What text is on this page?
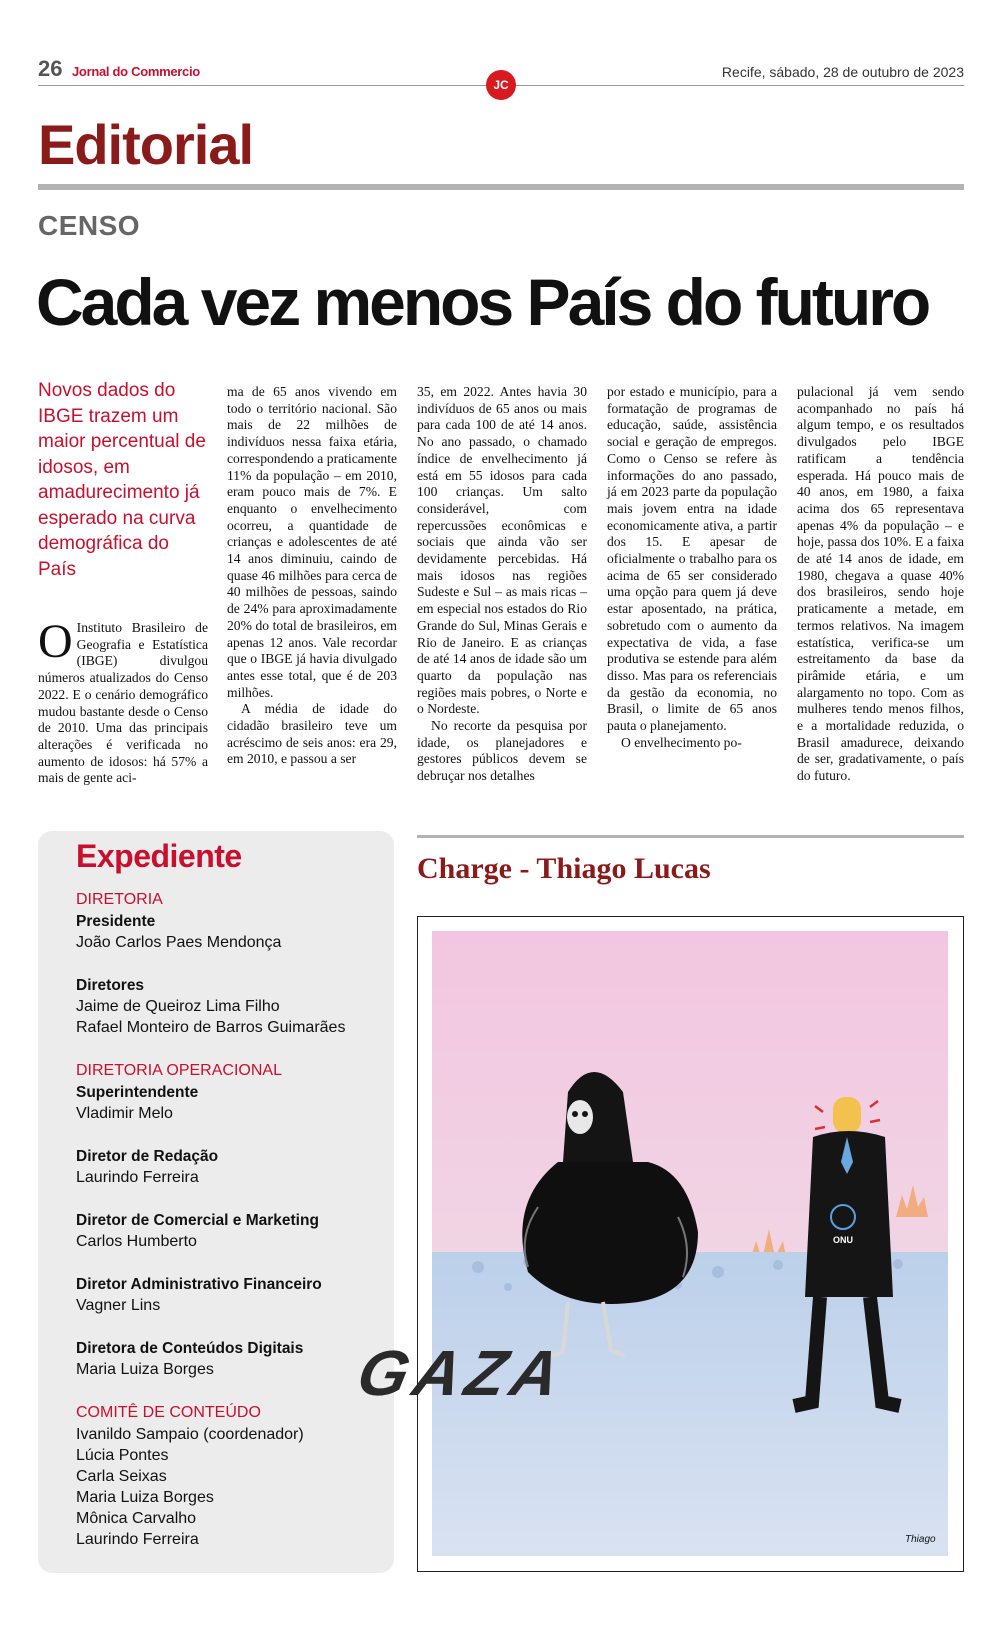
26 Jornal do Commercio
JC
Recife, sábado, 28 de outubro de 2023
Editorial
CENSO
Cada vez menos País do futuro
Novos dados do IBGE trazem um maior percentual de idosos, em amadurecimento já esperado na curva demográfica do País

O Instituto Brasileiro de Geografia e Estatística (IBGE) divulgou números atualizados do Censo 2022. E o cenário demográfico mudou bastante desde o Censo de 2010. Uma das principais alterações é verificada no aumento de idosos: há 57% a mais de gente aci-

ma de 65 anos vivendo em todo o território nacional. São mais de 22 milhões de indivíduos nessa faixa etária, correspondendo a praticamente 11% da população – em 2010, eram pouco mais de 7%. E enquanto o envelhecimento ocorreu, a quantidade de crianças e adolescentes de até 14 anos diminuiu, caindo de quase 46 milhões para cerca de 40 milhões de pessoas, saindo de 24% para aproximadamente 20% do total de brasileiros, em apenas 12 anos. Vale recordar que o IBGE já havia divulgado antes esse total, que é de 203 milhões.

A média de idade do cidadão brasileiro teve um acréscimo de seis anos: era 29, em 2010, e passou a ser

35, em 2022. Antes havia 30 indivíduos de 65 anos ou mais para cada 100 de até 14 anos. No ano passado, o chamado índice de envelhecimento já está em 55 idosos para cada 100 crianças. Um salto considerável, com repercussões econômicas e sociais que ainda vão ser devidamente percebidas. Há mais idosos nas regiões Sudeste e Sul – as mais ricas – em especial nos estados do Rio Grande do Sul, Minas Gerais e Rio de Janeiro. E as crianças de até 14 anos de idade são um quarto da população nas regiões mais pobres, o Norte e o Nordeste.

No recorte da pesquisa por idade, os planejadores e gestores públicos devem se debruçar nos detalhes

por estado e município, para a formatação de programas de educação, saúde, assistência social e geração de empregos. Como o Censo se refere às informações do ano passado, já em 2023 parte da população mais jovem entra na idade economicamente ativa, a partir dos 15. E apesar de oficialmente o trabalho para os acima de 65 ser considerado uma opção para quem já deve estar aposentado, na prática, sobretudo com o aumento da expectativa de vida, a fase produtiva se estende para além disso. Mas para os referenciais da gestão da economia, no Brasil, o limite de 65 anos pauta o planejamento.

O envelhecimento po-

pulacional já vem sendo acompanhado no país há algum tempo, e os resultados divulgados pelo IBGE ratificam a tendência esperada. Há pouco mais de 40 anos, em 1980, a faixa acima dos 65 representava apenas 4% da população – e hoje, passa dos 10%. E a faixa de até 14 anos de idade, em 1980, chegava a quase 40% dos brasileiros, sendo hoje praticamente a metade, em termos relativos. Na imagem estatística, verifica-se um estreitamento da base da pirâmide etária, e um alargamento no topo. Com as mulheres tendo menos filhos, e a mortalidade reduzida, o Brasil amadurece, deixando de ser, gradativamente, o país do futuro.

Expediente
DIRETORIA
Presidente
João Carlos Paes Mendonça
Diretores
Jaime de Queiroz Lima Filho
Rafael Monteiro de Barros Guimarães
DIRETORIA OPERACIONAL
Superintendente
Vladimir Melo
Diretor de Redação
Laurindo Ferreira
Diretor de Comercial e Marketing
Carlos Humberto
Diretor Administrativo Financeiro
Vagner Lins
Diretora de Conteúdos Digitais
Maria Luiza Borges
COMITÊ DE CONTEÚDO
Ivanildo Sampaio (coordenador)
Lúcia Pontes
Carla Seixas
Maria Luiza Borges
Mônica Carvalho
Laurindo Ferreira
Charge - Thiago Lucas
GAZA
ONU
Thiago
